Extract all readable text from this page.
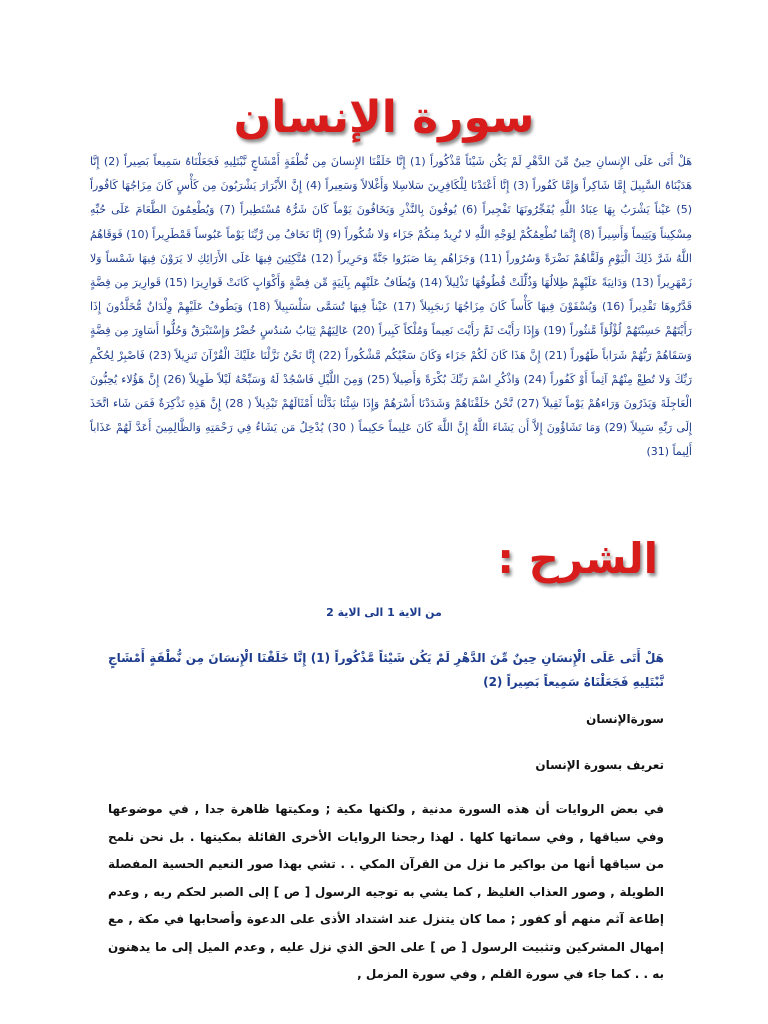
سورة الإنسان
هَلْ أَتَى عَلَى الإِنسانِ حِينٌ مِّنَ الدَّهْرِ لَمْ يَكُن شَيْئاً مَّذْكُوراً (1) إِنَّا خَلَقْنَا الإِنسانَ مِن نُّطْفَةٍ أَمْشَاجٍ نَّبْتَلِيهِ فَجَعَلْنَاهُ سَمِيعاً بَصِيراً (2) إِنَّا هَدَيْنَاهُ السَّبِيلَ إِمَّا شَاكِراً وَإِمَّا كَفُوراً (3) إِنَّا أَعْتَدْنَا لِلْكَافِرِينَ سَلاسِلا وَأَغْلالاً وَسَعِيراً (4) إِنَّ الأَبْرَارَ يَشْرَبُونَ مِن كَأْسٍ كَانَ مِزَاجُهَا كَافُوراً (5) عَيْناً يَشْرَبُ بِهَا عِبَادُ اللَّهِ يُفَجِّرُونَهَا تَفْجِيراً (6) يُوفُونَ بِالنَّذْرِ وَيَخَافُونَ يَوْماً كَانَ شَرُّهُ مُسْتَطِيراً (7) وَيُطْعِمُونَ الطَّعَامَ عَلَى حُبِّهِ مِسْكِيناً وَيَتِيماً وَأَسِيراً (8) إِنَّمَا نُطْعِمُكُمْ لِوَجْهِ اللَّهِ لا نُرِيدُ مِنكُمْ جَزَاء وَلا شُكُوراً (9) إِنَّا نَخَافُ مِن رَّبِّنَا يَوْماً عَبُوساً قَمْطَرِيراً (10) فَوَقَاهُمُ اللَّهُ شَرَّ ذَلِكَ الْيَوْمِ وَلَقَّاهُمْ نَضْرَةً وَسُرُوراً (11) وَجَزَاهُم بِمَا صَبَرُوا جَنَّةً وَحَرِيراً (12) مُتَّكِئِينَ فِيهَا عَلَى الأَرَائِكِ لا يَرَوْنَ فِيهَا شَمْساً وَلا زَمْهَرِيراً (13) وَدَانِيَةً عَلَيْهِمْ ظِلالُهَا وَذُلِّلَتْ قُطُوفُهَا تَذْلِيلاً (14) وَيُطَافُ عَلَيْهِم بِآنِيَةٍ مِّن فِضَّةٍ وَأَكْوَابٍ كَانَتْ قَوارِيرَا (15) قَوارِيرَ مِن فِضَّةٍ قَدَّرُوهَا تَقْدِيراً (16) وَيُسْقَوْنَ فِيهَا كَأْساً كَانَ مِزَاجُهَا زَنجَبِيلاً (17) عَيْناً فِيهَا تُسَمَّى سَلْسَبِيلاً (18) وَيَطُوفُ عَلَيْهِمْ وِلْدَانٌ مُّخَلَّدُونَ إِذَا رَأَيْتَهُمْ حَسِبْتَهُمْ لُؤْلُؤاً مَّنثُوراً (19) وَإِذَا رَأَيْتَ ثَمَّ رَأَيْتَ نَعِيماً وَمُلْكاً كَبِيراً (20) عَالِيَهُمْ ثِيَابُ سُندُسٍ خُضْرٌ وَإِسْتَبْرَقٌ وَحُلُّوا أَسَاوِرَ مِن فِضَّةٍ وَسَقَاهُمْ رَبُّهُمْ شَرَاباً طَهُوراً (21) إِنَّ هَذَا كَانَ لَكُمْ جَزَاء وَكَانَ سَعْيُكُم مَّشْكُوراً (22) إِنَّا نَحْنُ نَزَّلْنَا عَلَيْكَ الْقُرْآنَ تَنزِيلاً (23) فَاصْبِرْ لِحُكْمِ رَبِّكَ وَلا تُطِعْ مِنْهُمْ آثِماً أَوْ كَفُوراً (24) وَاذْكُرِ اسْمَ رَبِّكَ بُكْرَةً وَأَصِيلاً (25) وَمِنَ اللَّيْلِ فَاسْجُدْ لَهُ وَسَبِّحْهُ لَيْلاً طَوِيلاً (26) إِنَّ هَؤُلاء يُحِبُّونَ الْعَاجِلَةَ وَيَذَرُونَ وَرَاءهُمْ يَوْماً ثَقِيلاً (27) نَّحْنُ خَلَقْنَاهُمْ وَشَدَدْنَا أَسْرَهُمْ وَإِذَا شِئْنَا بَدَّلْنَا أَمْثَالَهُمْ تَبْدِيلاً ( 28) إِنَّ هَذِهِ تَذْكِرَةٌ فَمَن شَاء اتَّخَذَ إِلَى رَبِّهِ سَبِيلاً (29) وَمَا تَشَاؤُونَ إِلاَّ أَن يَشَاءَ اللَّهُ إِنَّ اللَّهَ كَانَ عَلِيماً حَكِيماً ( 30) يُدْخِلُ مَن يَشَاءُ فِي رَحْمَتِهِ وَالظَّالِمِينَ أَعَدَّ لَهُمْ عَذَاباً أَلِيماً (31)
الشرح :
من الاية 1 الى الاية 2
هَلْ أَتَى عَلَى الْإِنسَانِ حِينٌ مِّنَ الدَّهْرِ لَمْ يَكُن شَيْئاً مَّذْكُوراً (1) إِنَّا خَلَقْنَا الْإِنسَانَ مِن نُّطْفَةٍ أَمْشَاجٍ نَّبْتَلِيهِ فَجَعَلْنَاهُ سَمِيعاً بَصِيراً (2)
سورةالإنسان
تعريف بسورة الإنسان
في بعض الروايات أن هذه السورة مدنية , ولكنها مكية ; ومكيتها ظاهرة جدا , في موضوعها وفي سياقها , وفي سماتها كلها . لهذا رجحنا الروايات الأخرى القائلة بمكيتها . بل نحن نلمح من سياقها أنها من بواكير ما نزل من القرآن المكي . . تشي بهذا صور النعيم الحسية المفصلة الطويلة , وصور العذاب الغليظ , كما يشي به توجيه الرسول [ ص ] إلى الصبر لحكم ربه , وعدم إطاعة آثم منهم أو كفور ; مما كان يتنزل عند اشتداد الأذى على الدعوة وأصحابها في مكة , مع إمهال المشركين وتثبيت الرسول [ ص ] على الحق الذي نزل عليه , وعدم الميل إلى ما يدهنون به . . كما جاء في سورة القلم , وفي سورة المزمل ,
